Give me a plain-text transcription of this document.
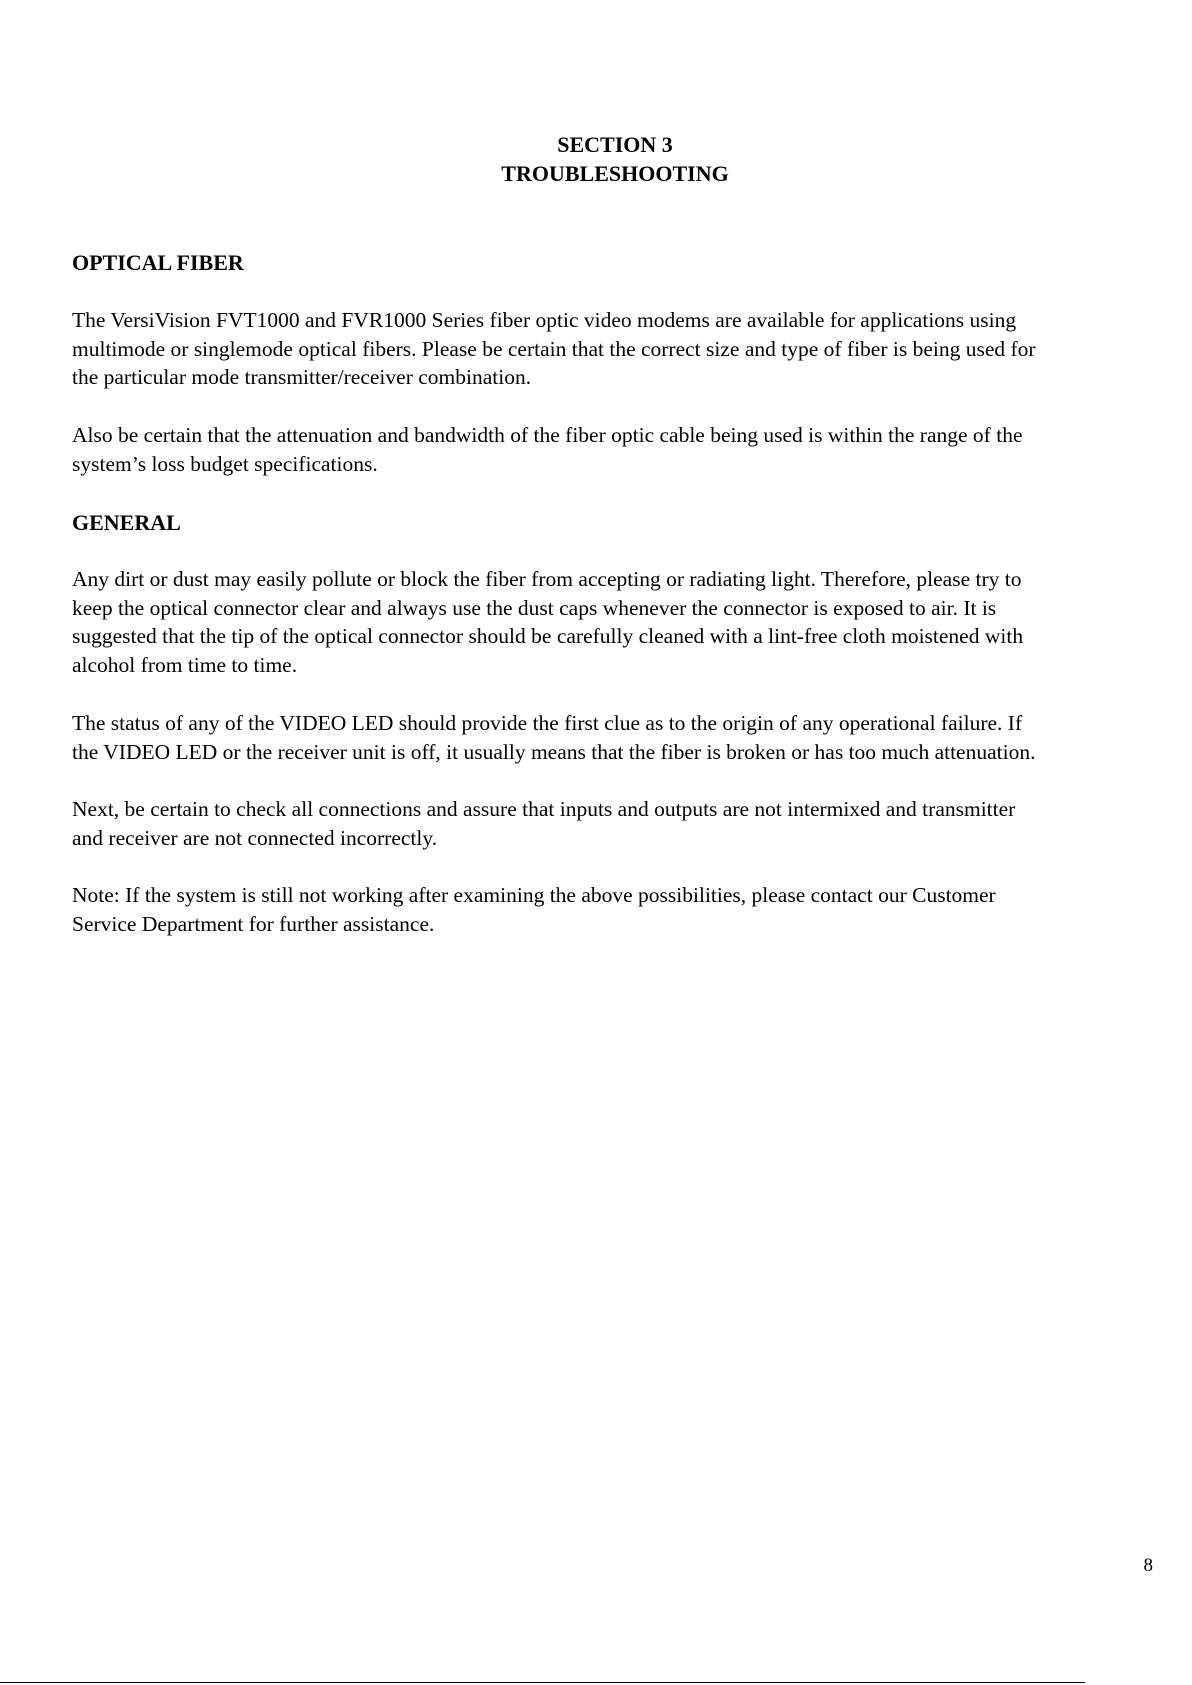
SECTION 3
TROUBLESHOOTING
OPTICAL FIBER
The VersiVision FVT1000 and FVR1000 Series fiber optic video modems are available for applications using
multimode or singlemode optical fibers. Please be certain that the correct size and type of fiber is being used for
the particular mode transmitter/receiver combination.
Also be certain that the attenuation and bandwidth of the fiber optic cable being used is within the range of the
system’s loss budget specifications.
GENERAL
Any dirt or dust may easily pollute or block the fiber from accepting or radiating light. Therefore, please try to
keep the optical connector clear and always use the dust caps whenever the connector is exposed to air. It is
suggested that the tip of the optical connector should be carefully cleaned with a lint-free cloth moistened with
alcohol from time to time.
The status of any of the VIDEO LED should provide the first clue as to the origin of any operational failure. If
the VIDEO LED or the receiver unit is off, it usually means that the fiber is broken or has too much attenuation.
Next, be certain to check all connections and assure that inputs and outputs are not intermixed and transmitter
and receiver are not connected incorrectly.
Note: If the system is still not working after examining the above possibilities, please contact our Customer
Service Department for further assistance.
8
